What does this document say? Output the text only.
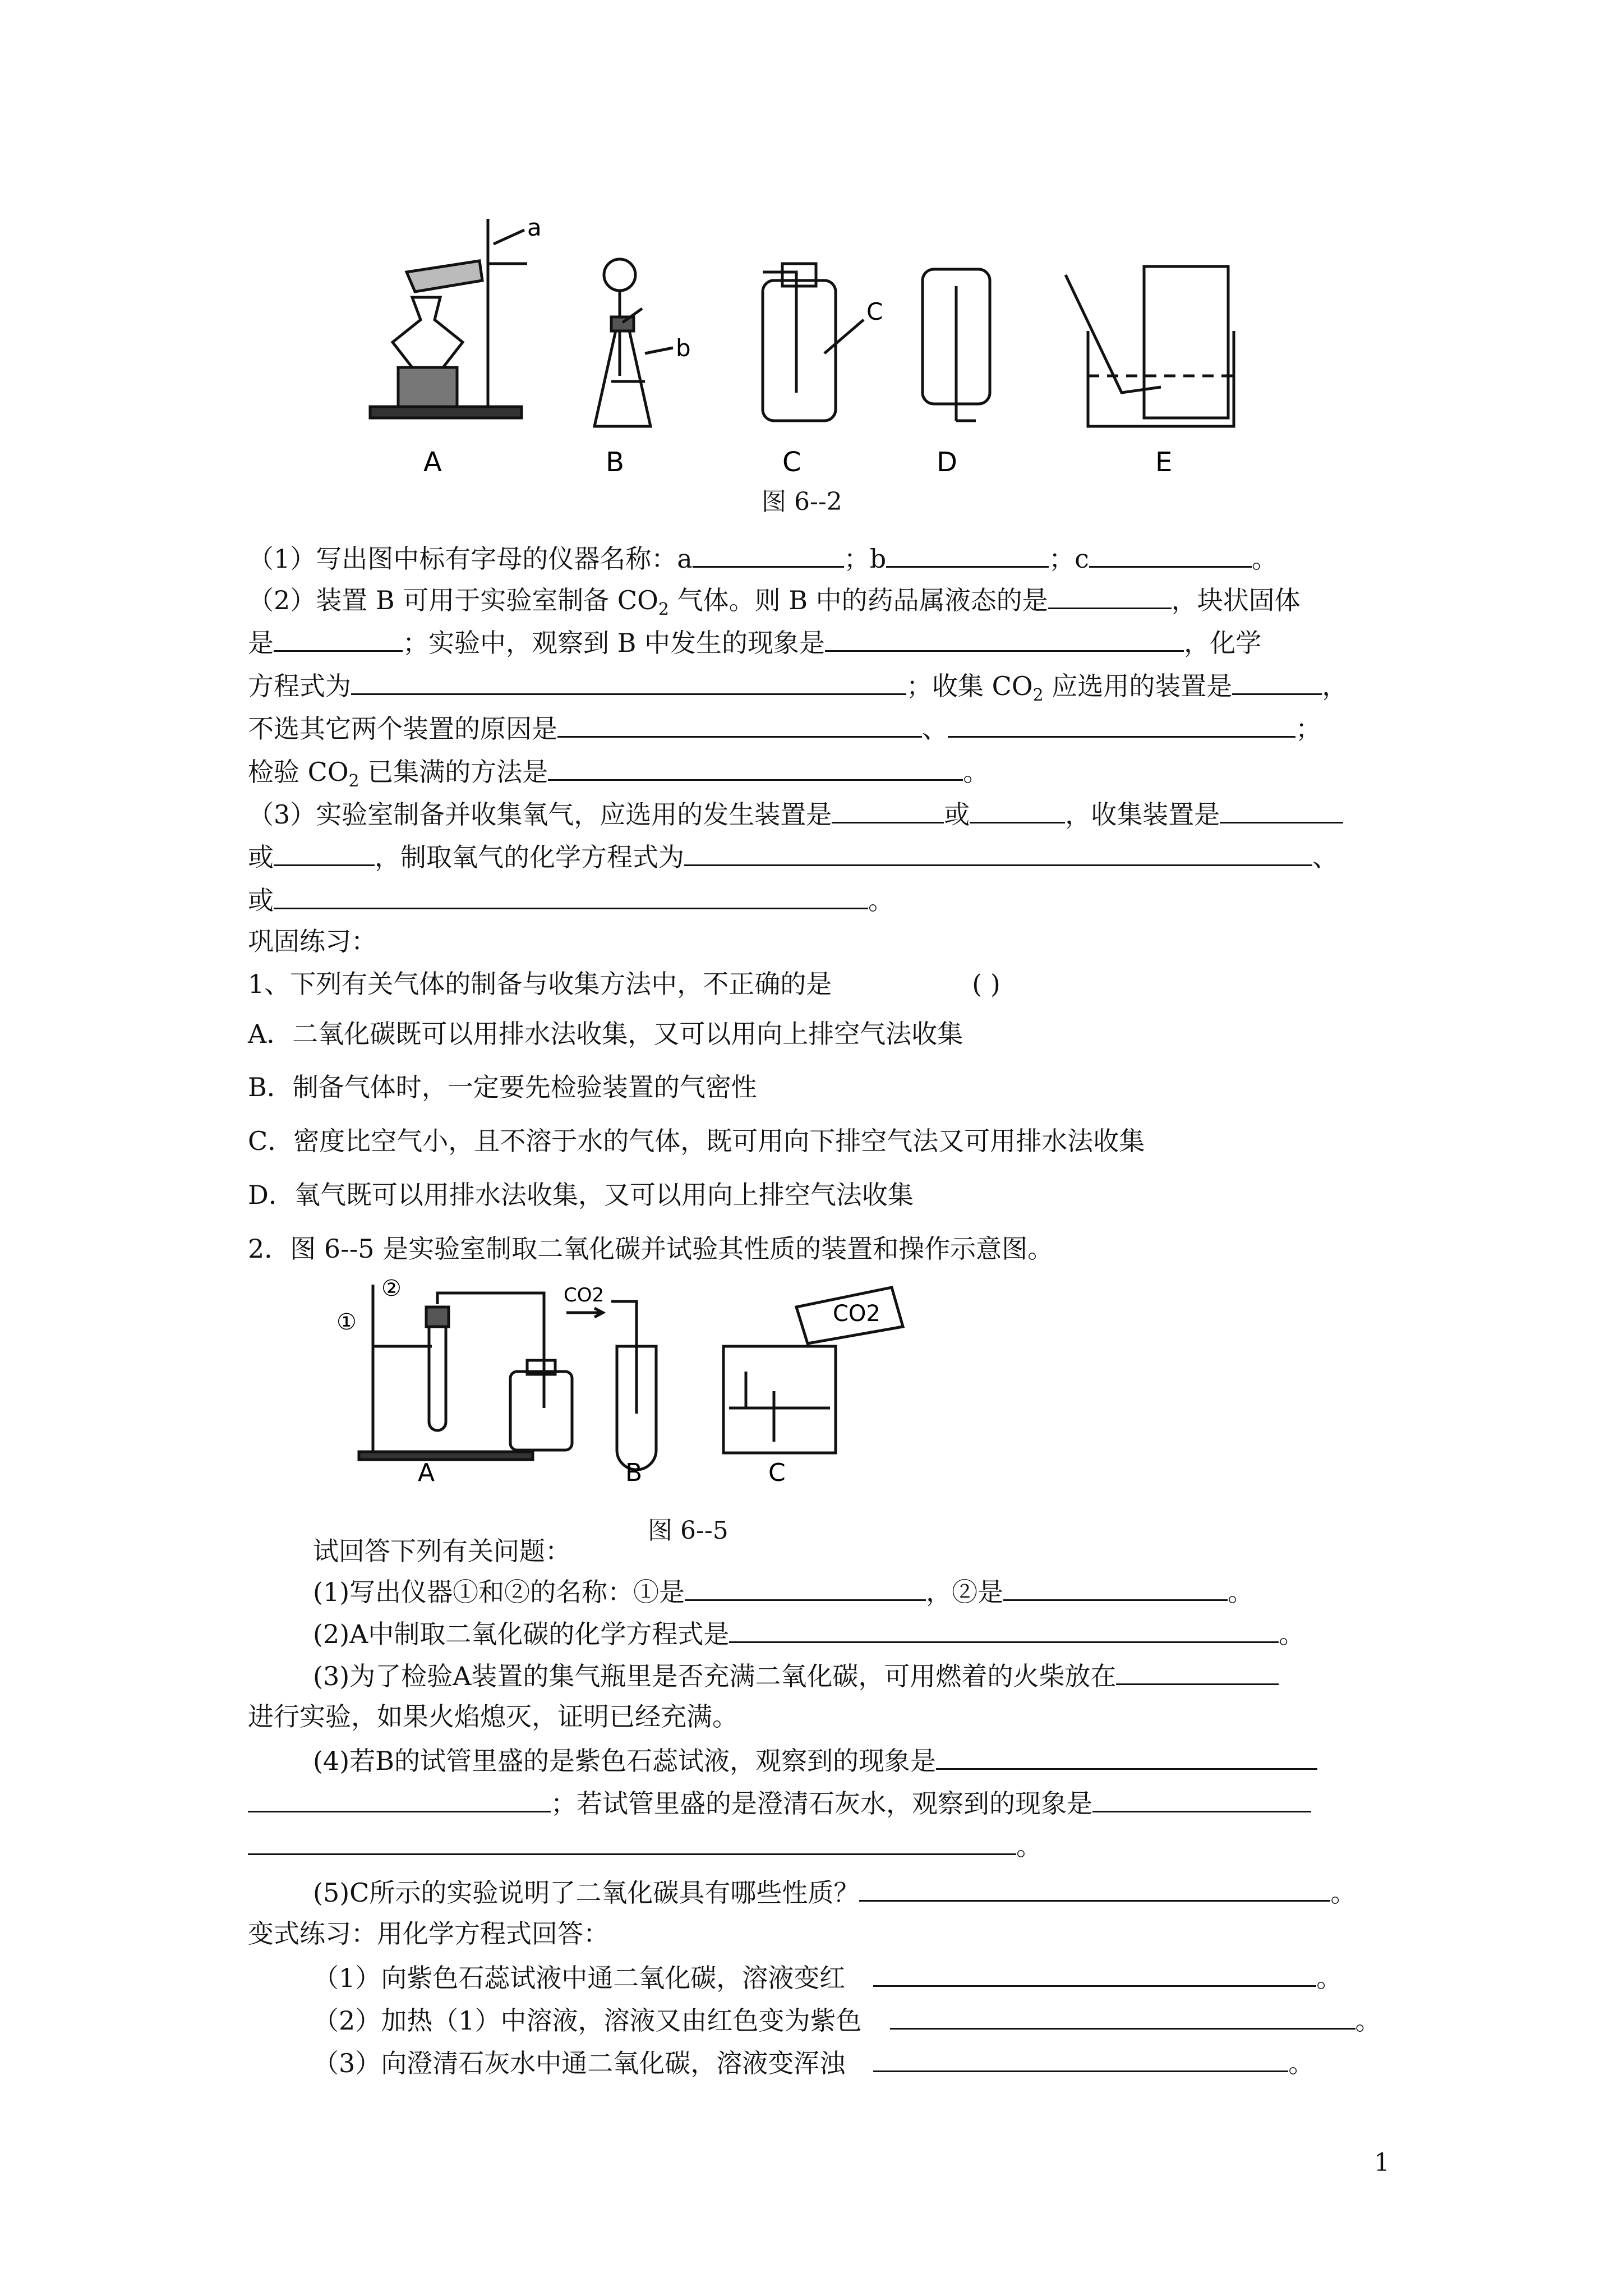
A	B	C	D	E
a
b
C
图 6--2
（1）写出图中标有字母的仪器名称：a	；b	；c	。
（2）装置 B 可用于实验室制备 $CO_2$ 气体。则 B 中的药品属液态的是	，块状固体
是	；实验中，观察到 B 中发生的现象是	，化学
方程式为	；收集 $CO_2$ 应选用的装置是	，
不选其它两个装置的原因是	、	；
检验 $CO_2$ 已集满的方法是	。
（3）实验室制备并收集氧气，应选用的发生装置是	或	，收集装置是
或	，制取氧气的化学方程式为	、
或	。
巩固练习：
1、下列有关气体的制备与收集方法中，不正确的是	( )
A．二氧化碳既可以用排水法收集，又可以用向上排空气法收集
B．制备气体时，一定要先检验装置的气密性
C．密度比空气小，且不溶于水的气体，既可用向下排空气法又可用排水法收集
D．氧气既可以用排水法收集，又可以用向上排空气法收集
2．图 6--5 是实验室制取二氧化碳并试验其性质的装置和操作示意图。
①
②	CO2
CO2
A	B	C
图 6--5
试回答下列有关问题：
(1)写出仪器①和②的名称：①是	，②是	。
(2)A中制取二氧化碳的化学方程式是	。
(3)为了检验A装置的集气瓶里是否充满二氧化碳，可用燃着的火柴放在
进行实验，如果火焰熄灭，证明已经充满。
(4)若B的试管里盛的是紫色石蕊试液，观察到的现象是
；若试管里盛的是澄清石灰水，观察到的现象是
。
(5)C所示的实验说明了二氧化碳具有哪些性质？	。
变式练习：用化学方程式回答：
（1）向紫色石蕊试液中通二氧化碳，溶液变红	。
（2）加热（1）中溶液，溶液又由红色变为紫色	。
（3）向澄清石灰水中通二氧化碳，溶液变浑浊	。
1
